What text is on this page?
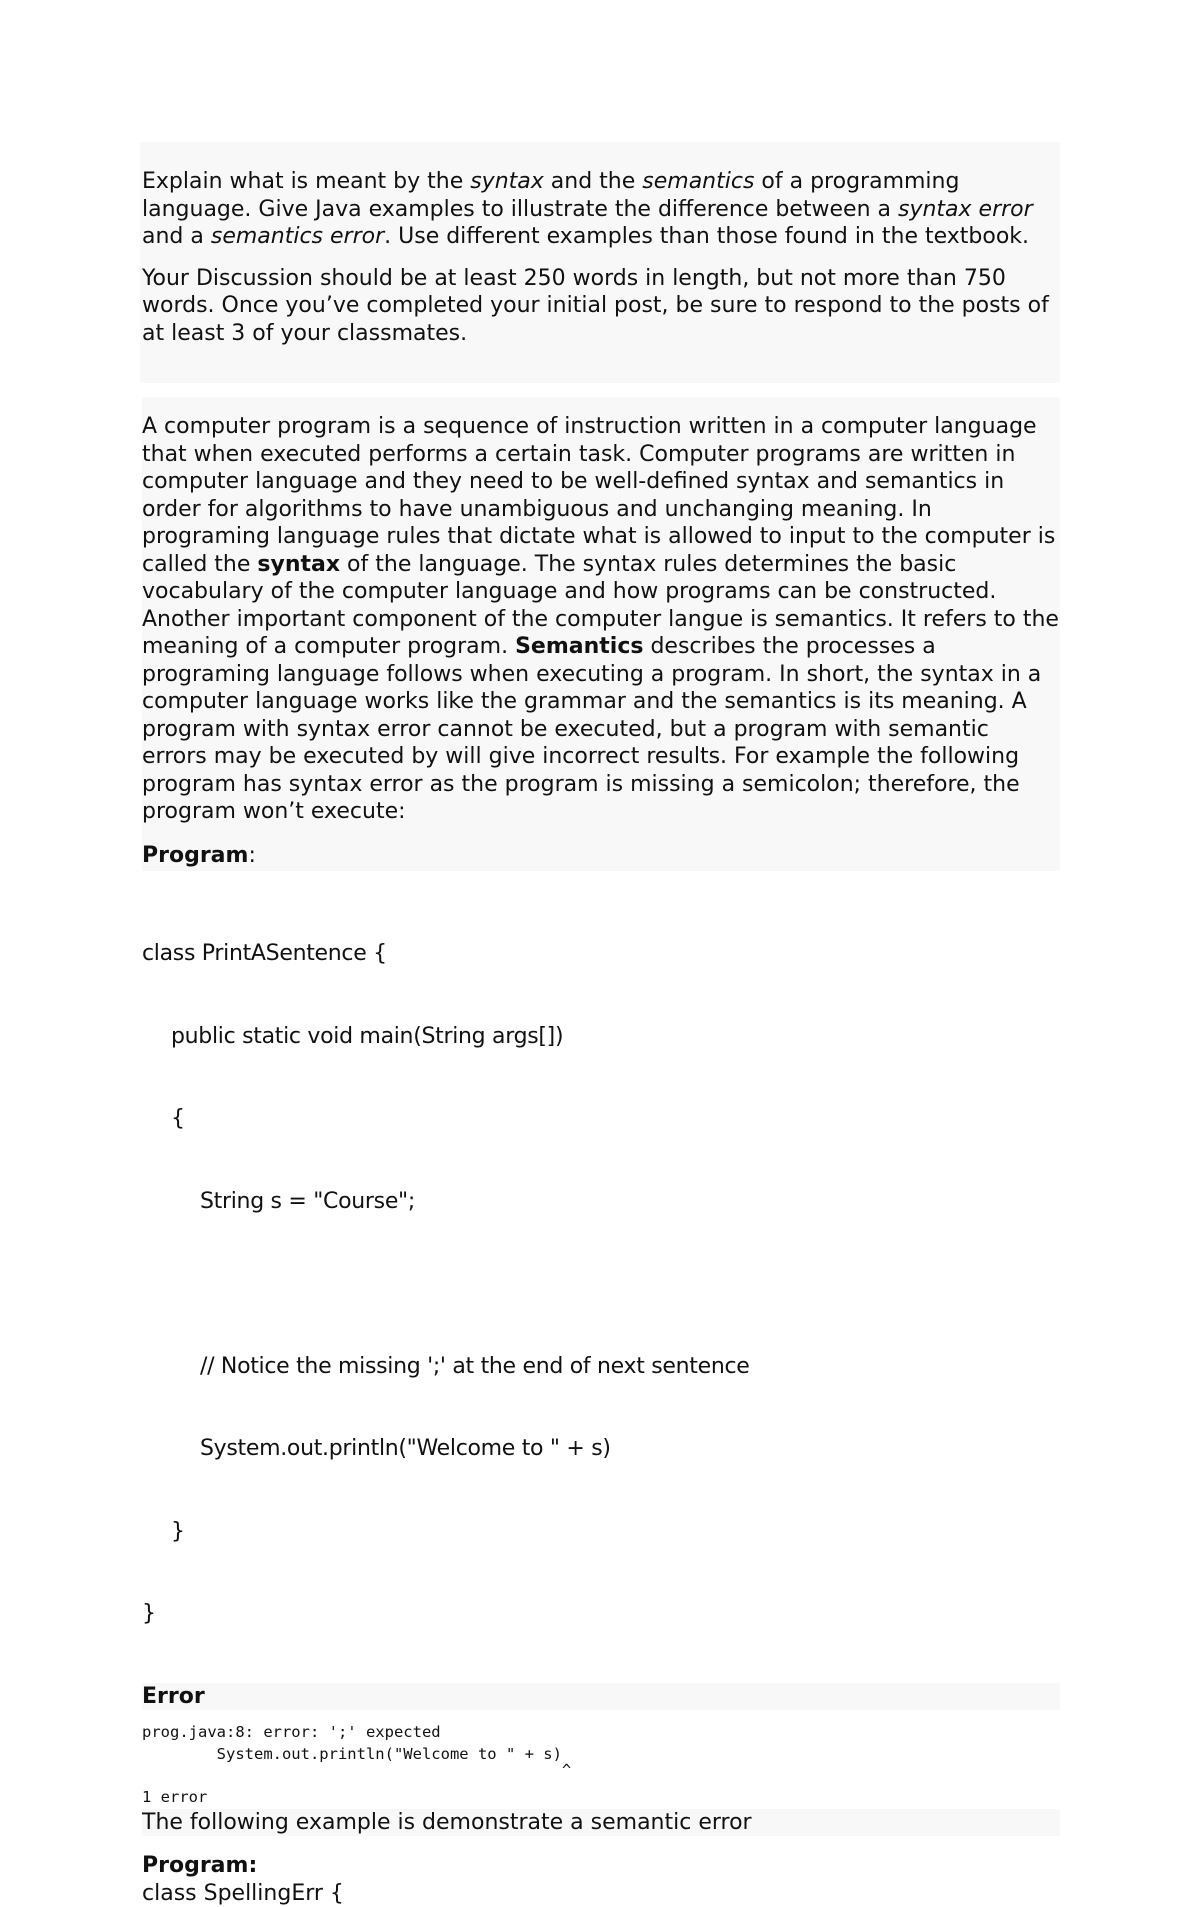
Explain what is meant by the syntax and the semantics of a programming language. Give Java examples to illustrate the difference between a syntax error and a semantics error. Use different examples than those found in the textbook.

Your Discussion should be at least 250 words in length, but not more than 750 words. Once you’ve completed your initial post, be sure to respond to the posts of at least 3 of your classmates.

A computer program is a sequence of instruction written in a computer language that when executed performs a certain task. Computer programs are written in computer language and they need to be well-defined syntax and semantics in order for algorithms to have unambiguous and unchanging meaning. In programing language rules that dictate what is allowed to input to the computer is called the syntax of the language. The syntax rules determines the basic vocabulary of the computer language and how programs can be constructed. Another important component of the computer langue is semantics. It refers to the meaning of a computer program. Semantics describes the processes a programing language follows when executing a program. In short, the syntax in a computer language works like the grammar and the semantics is its meaning. A program with syntax error cannot be executed, but a program with semantic errors may be executed by will give incorrect results. For example the following program has syntax error as the program is missing a semicolon; therefore, the program won’t execute:

Program:

class PrintASentence {

public static void main(String args[])

{

String s = "Course";

// Notice the missing ';' at the end of next sentence

System.out.println("Welcome to " + s)

}

}

Error
prog.java:8: error: ';' expected
System.out.println("Welcome to " + s)
^
1 error
The following example is demonstrate a semantic error

Program:

class SpellingErr {
